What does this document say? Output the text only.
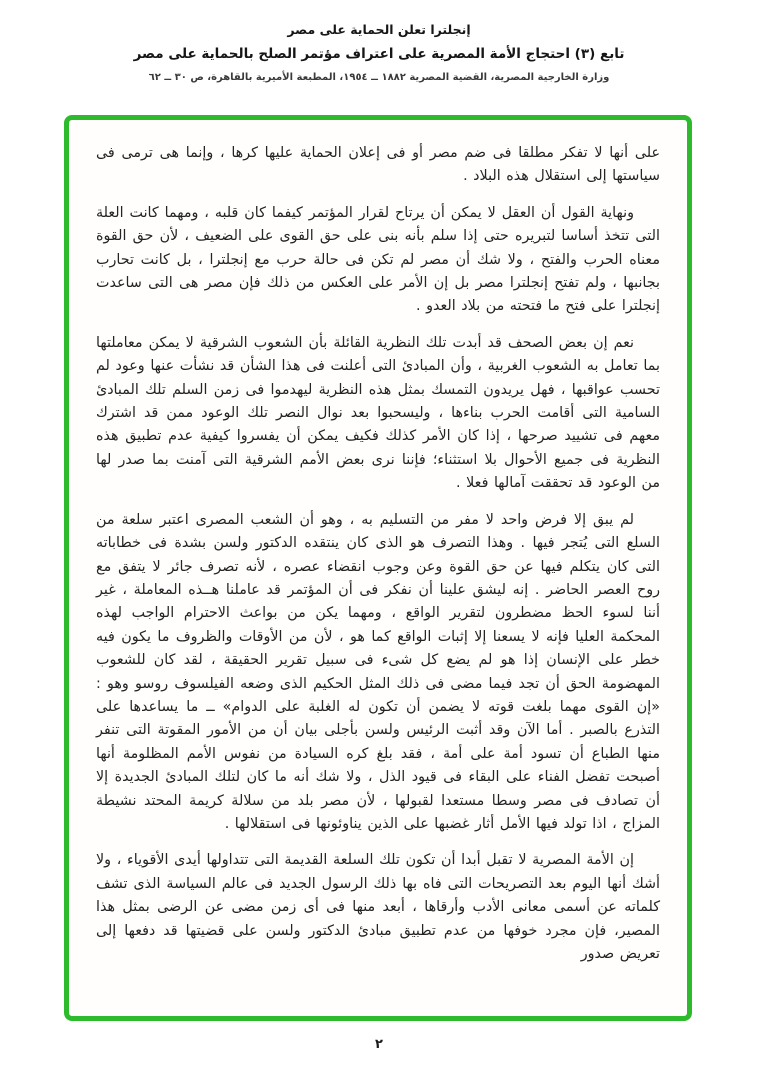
إنجلترا تعلن الحماية على مصر
تابع (٣) احتجاج الأمة المصرية على اعتراف مؤتمر الصلح بالحماية على مصر
وزارة الخارجية المصرية، القضية المصرية ١٨٨٢ ــ ١٩٥٤، المطبعة الأميرية بالقاهرة، ص ٣٠ ــ ٦٢

على أنها لا تفكر مطلقا فى ضم مصر أو فى إعلان الحماية عليها كرها ، وإنما هى ترمى فى سياستها إلى استقلال هذه البلاد .

ونهاية القول أن العقل لا يمكن أن يرتاح لقرار المؤتمر كيفما كان قلبه ، ومهما كانت العلة التى تتخذ أساسا لتبريره حتى إذا سلم بأنه بنى على حق القوى على الضعيف ، لأن حق القوة معناه الحرب والفتح ، ولا شك أن مصر لم تكن فى حالة حرب مع إنجلترا ، بل كانت تحارب بجانبها ، ولم تفتح إنجلترا مصر بل إن الأمر على العكس من ذلك فإن مصر هى التى ساعدت إنجلترا على فتح ما فتحته من بلاد العدو .

نعم إن بعض الصحف قد أبدت تلك النظرية القائلة بأن الشعوب الشرقية لا يمكن معاملتها بما تعامل به الشعوب الغربية ، وأن المبادئ التى أعلنت فى هذا الشأن قد نشأت عنها وعود لم تحسب عواقبها ، فهل يريدون التمسك بمثل هذه النظرية ليهدموا فى زمن السلم تلك المبادئ السامية التى أقامت الحرب بناءها ، وليسحبوا بعد نوال النصر تلك الوعود ممن قد اشترك معهم فى تشييد صرحها ، إذا كان الأمر كذلك فكيف يمكن أن يفسروا كيفية عدم تطبيق هذه النظرية فى جميع الأحوال بلا استثناء؛ فإننا نرى بعض الأمم الشرقية التى آمنت بما صدر لها من الوعود قد تحققت آمالها فعلا .

لم يبق إلا فرض واحد لا مفر من التسليم به ، وهو أن الشعب المصرى اعتبر سلعة من السلع التى يُتجر فيها . وهذا التصرف هو الذى كان ينتقده الدكتور ولسن بشدة فى خطاباته التى كان يتكلم فيها عن حق القوة وعن وجوب انقضاء عصره ، لأنه تصرف جائر لا يتفق مع روح العصر الحاضر . إنه ليشق علينا أن نفكر فى أن المؤتمر قد عاملنا هــذه المعاملة ، غير أننا لسوء الحظ مضطرون لتقرير الواقع ، ومهما يكن من بواعث الاحترام الواجب لهذه المحكمة العليا فإنه لا يسعنا إلا إثبات الواقع كما هو ، لأن من الأوقات والظروف ما يكون فيه خطر على الإنسان إذا هو لم يضع كل شىء فى سبيل تقرير الحقيقة ، لقد كان للشعوب المهضومة الحق أن تجد فيما مضى فى ذلك المثل الحكيم الذى وضعه الفيلسوف روسو وهو : «إن القوى مهما بلغت قوته لا يضمن أن تكون له الغلبة على الدوام» ــ ما يساعدها على التذرع بالصبر . أما الآن وقد أثبت الرئيس ولسن بأجلى بيان أن من الأمور المقوتة التى تنفر منها الطباع أن تسود أمة على أمة ، فقد بلغ كره السيادة من نفوس الأمم المظلومة أنها أصبحت تفضل الفناء على البقاء فى قيود الذل ، ولا شك أنه ما كان لتلك المبادئ الجديدة إلا أن تصادف فى مصر وسطا مستعدا لقبولها ، لأن مصر بلد من سلالة كريمة المحتد نشيطة المزاج ، اذا تولد فيها الأمل أثار غضبها على الذين يناوئونها فى استقلالها .

إن الأمة المصرية لا تقبل أبدا أن تكون تلك السلعة القديمة التى تتداولها أيدى الأقوياء ، ولا أشك أنها اليوم بعد التصريحات التى فاه بها ذلك الرسول الجديد فى عالم السياسة الذى تشف كلماته عن أسمى معانى الأدب وأرقاها ، أبعد منها فى أى زمن مضى عن الرضى بمثل هذا المصير، فإن مجرد خوفها من عدم تطبيق مبادئ الدكتور ولسن على قضيتها قد دفعها إلى تعريض صدور

٢
